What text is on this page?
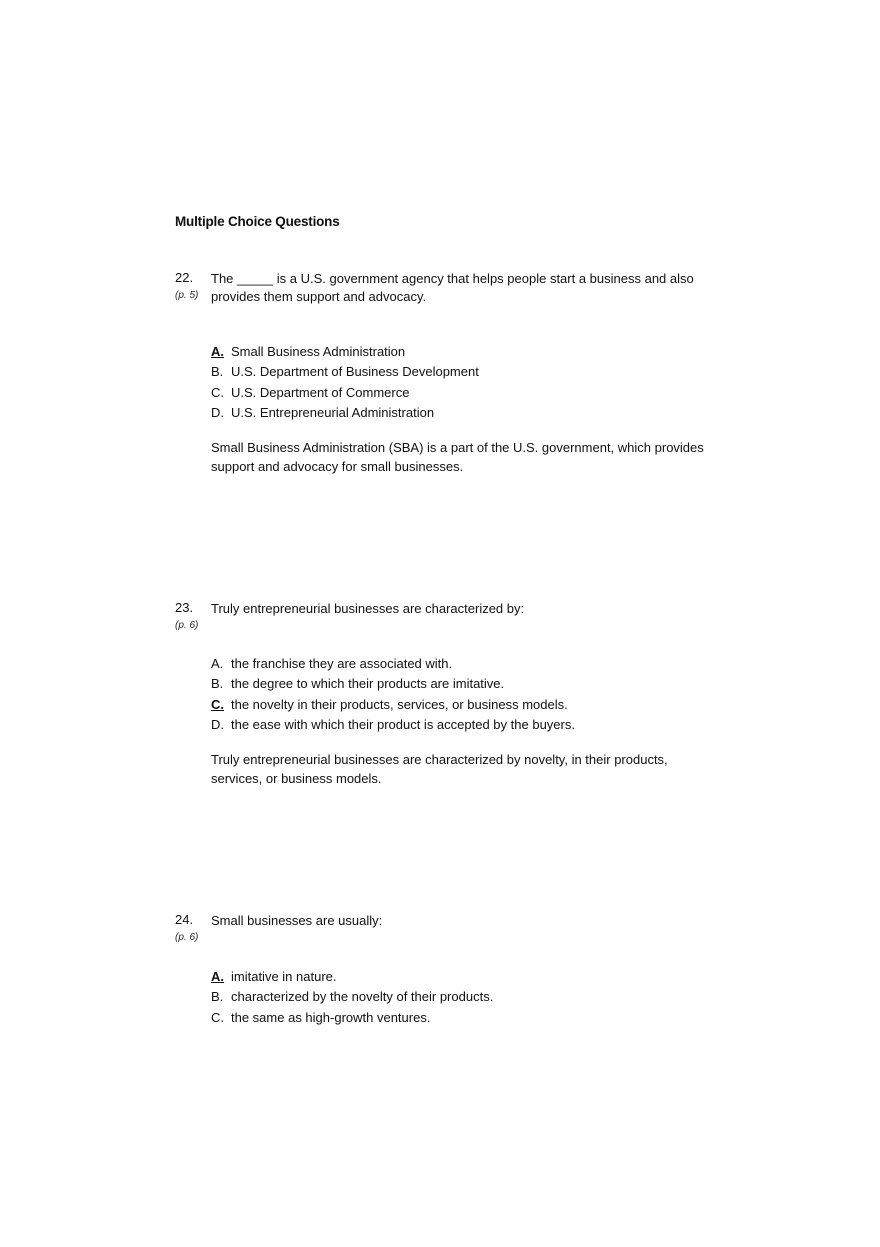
Multiple Choice Questions
22.
(p. 5)

The _____ is a U.S. government agency that helps people start a business and also provides them support and advocacy.

A. Small Business Administration
B. U.S. Department of Business Development
C. U.S. Department of Commerce
D. U.S. Entrepreneurial Administration

Small Business Administration (SBA) is a part of the U.S. government, which provides support and advocacy for small businesses.

23.
(p. 6)

Truly entrepreneurial businesses are characterized by:

A. the franchise they are associated with.
B. the degree to which their products are imitative.
C. the novelty in their products, services, or business models.
D. the ease with which their product is accepted by the buyers.

Truly entrepreneurial businesses are characterized by novelty, in their products, services, or business models.

24.
(p. 6)

Small businesses are usually:

A. imitative in nature.
B. characterized by the novelty of their products.
C. the same as high-growth ventures.
